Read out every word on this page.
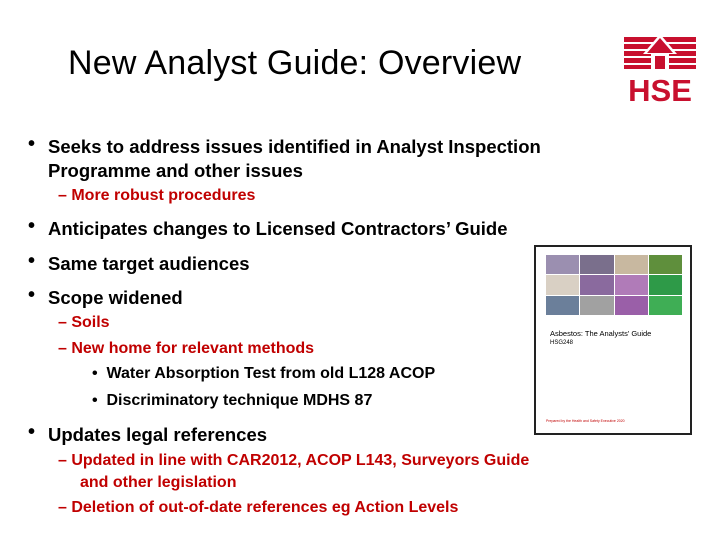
New Analyst Guide: Overview
HSE
• Seeks to address issues identified in Analyst Inspection
Programme and other issues
– More robust procedures
• Anticipates changes to Licensed Contractors’ Guide
• Same target audiences
• Scope widened
– Soils
– New home for relevant methods
•  Water Absorption Test from old L128 ACOP
•  Discriminatory technique MDHS 87
• Updates legal references
– Updated in line with CAR2012, ACOP L143, Surveyors Guide
and other legislation
– Deletion of out-of-date references eg Action Levels
Asbestos: The Analysts' Guide
HSG248
Prepared by the Health and Safety Executive 2020
